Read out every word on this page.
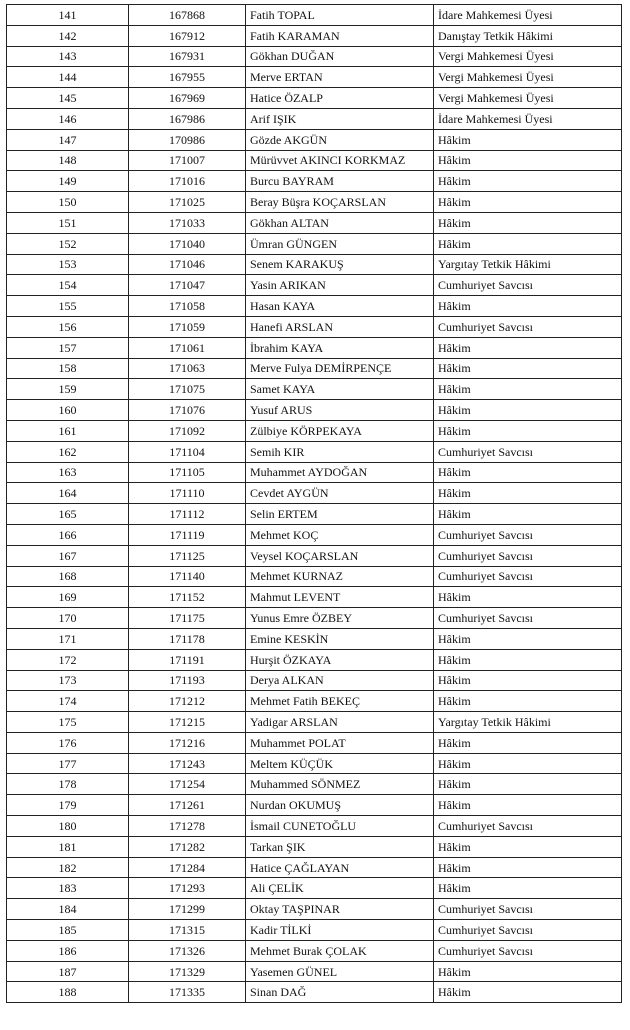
141	167868	Fatih TOPAL	İdare Mahkemesi Üyesi
142	167912	Fatih KARAMAN	Danıştay Tetkik Hâkimi
143	167931	Gökhan DUĞAN	Vergi Mahkemesi Üyesi
144	167955	Merve ERTAN	Vergi Mahkemesi Üyesi
145	167969	Hatice ÖZALP	Vergi Mahkemesi Üyesi
146	167986	Arif IŞIK	İdare Mahkemesi Üyesi
147	170986	Gözde AKGÜN	Hâkim
148	171007	Mürüvvet AKINCI KORKMAZ	Hâkim
149	171016	Burcu BAYRAM	Hâkim
150	171025	Beray Büşra KOÇARSLAN	Hâkim
151	171033	Gökhan ALTAN	Hâkim
152	171040	Ümran GÜNGEN	Hâkim
153	171046	Senem KARAKUŞ	Yargıtay Tetkik Hâkimi
154	171047	Yasin ARIKAN	Cumhuriyet Savcısı
155	171058	Hasan KAYA	Hâkim
156	171059	Hanefi ARSLAN	Cumhuriyet Savcısı
157	171061	İbrahim KAYA	Hâkim
158	171063	Merve Fulya DEMİRPENÇE	Hâkim
159	171075	Samet KAYA	Hâkim
160	171076	Yusuf ARUS	Hâkim
161	171092	Zülbiye KÖRPEKAYA	Hâkim
162	171104	Semih KIR	Cumhuriyet Savcısı
163	171105	Muhammet AYDOĞAN	Hâkim
164	171110	Cevdet AYGÜN	Hâkim
165	171112	Selin ERTEM	Hâkim
166	171119	Mehmet KOÇ	Cumhuriyet Savcısı
167	171125	Veysel KOÇARSLAN	Cumhuriyet Savcısı
168	171140	Mehmet KURNAZ	Cumhuriyet Savcısı
169	171152	Mahmut LEVENT	Hâkim
170	171175	Yunus Emre ÖZBEY	Cumhuriyet Savcısı
171	171178	Emine KESKİN	Hâkim
172	171191	Hurşit ÖZKAYA	Hâkim
173	171193	Derya ALKAN	Hâkim
174	171212	Mehmet Fatih BEKEÇ	Hâkim
175	171215	Yadigar ARSLAN	Yargıtay Tetkik Hâkimi
176	171216	Muhammet POLAT	Hâkim
177	171243	Meltem KÜÇÜK	Hâkim
178	171254	Muhammed SÖNMEZ	Hâkim
179	171261	Nurdan OKUMUŞ	Hâkim
180	171278	İsmail CUNETOĞLU	Cumhuriyet Savcısı
181	171282	Tarkan ŞIK	Hâkim
182	171284	Hatice ÇAĞLAYAN	Hâkim
183	171293	Ali ÇELİK	Hâkim
184	171299	Oktay TAŞPINAR	Cumhuriyet Savcısı
185	171315	Kadir TİLKİ	Cumhuriyet Savcısı
186	171326	Mehmet Burak ÇOLAK	Cumhuriyet Savcısı
187	171329	Yasemen GÜNEL	Hâkim
188	171335	Sinan DAĞ	Hâkim
